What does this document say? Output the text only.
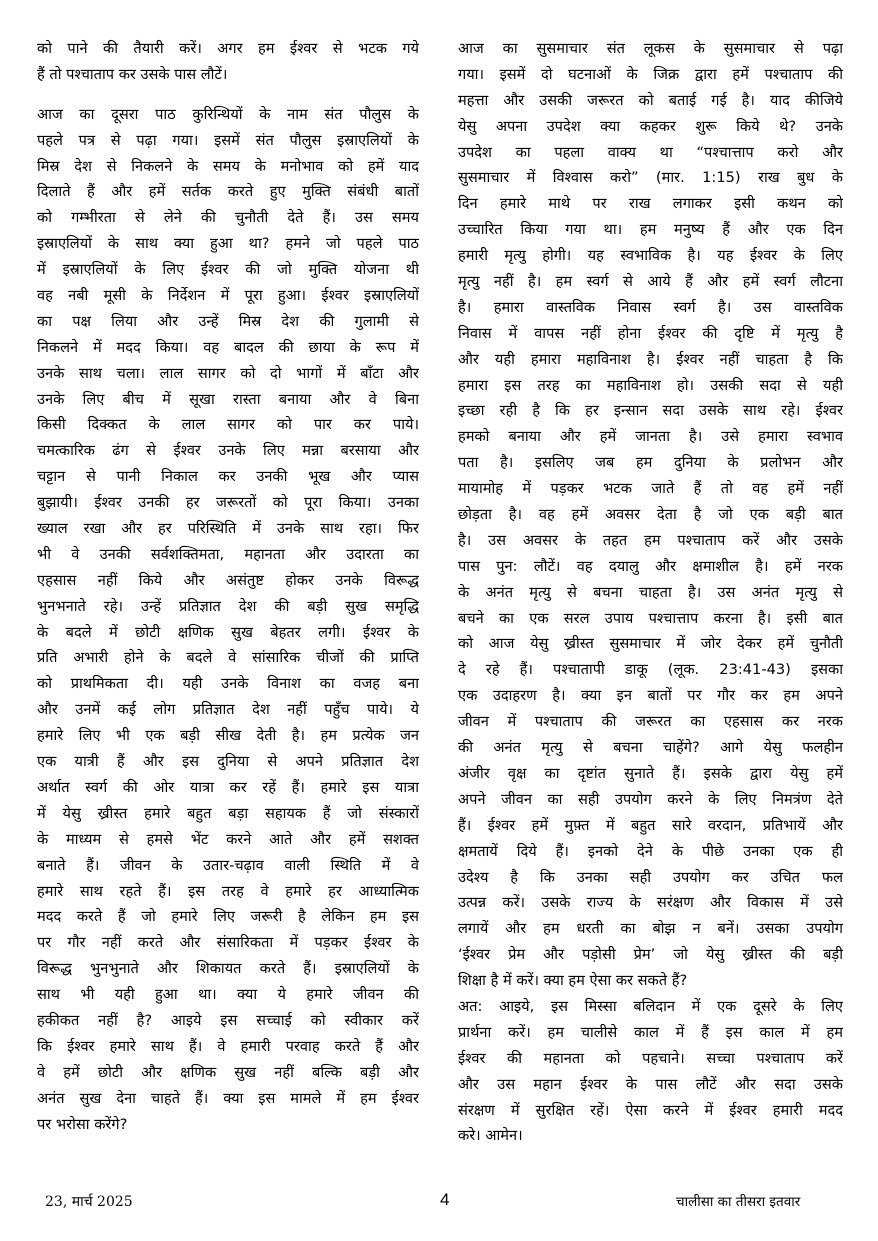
को पाने की तैयारी करें। अगर हम ईश्वर से भटक गये
हैं तो पश्चाताप कर उसके पास लौटें।
आज का दूसरा पाठ कुरिन्थियों के नाम संत पौलुस के
पहले पत्र से पढ़ा गया। इसमें संत पौलुस इस्राएलियों के
मिस्र देश से निकलने के समय के मनोभाव को हमें याद
दिलाते हैं और हमें सर्तक करते हुए मुक्ति संबंधी बातों
को गम्भीरता से लेने की चुनौती देते हैं। उस समय
इस्राएलियों के साथ क्या हुआ था? हमने जो पहले पाठ
में इस्राएलियों के लिए ईश्वर की जो मुक्ति योजना थी
वह नबी मूसी के निर्देशन में पूरा हुआ। ईश्वर इस्राएलियों
का पक्ष लिया और उन्हें मिस्र देश की गुलामी से
निकलने में मदद किया। वह बादल की छाया के रूप में
उनके साथ चला। लाल सागर को दो भागों में बाँटा और
उनके लिए बीच में सूखा रास्ता बनाया और वे बिना
किसी दिक्कत के लाल सागर को पार कर पाये।
चमत्कारिक ढंग से ईश्वर उनके लिए मन्ना बरसाया और
चट्टान से पानी निकाल कर उनकी भूख और प्यास
बुझायी। ईश्वर उनकी हर जरूरतों को पूरा किया। उनका
ख्याल रखा और हर परिस्थिति में उनके साथ रहा। फिर
भी वे उनकी सर्वशक्तिमता, महानता और उदारता का
एहसास नहीं किये और असंतुष्ट होकर उनके विरूद्ध
भुनभनाते रहे। उन्हें प्रतिज्ञात देश की बड़ी सुख समृद्धि
के बदले में छोटी क्षणिक सुख बेहतर लगी। ईश्वर के
प्रति अभारी होने के बदले वे सांसारिक चीजों की प्राप्ति
को प्राथमिकता दी। यही उनके विनाश का वजह बना
और उनमें कई लोग प्रतिज्ञात देश नहीं पहुँच पाये। ये
हमारे लिए भी एक बड़ी सीख देती है। हम प्रत्येक जन
एक यात्री हैं और इस दुनिया से अपने प्रतिज्ञात देश
अर्थात स्वर्ग की ओर यात्रा कर रहें हैं। हमारे इस यात्रा
में येसु ख्रीस्त हमारे बहुत बड़ा सहायक हैं जो संस्कारों
के माध्यम से हमसे भेंट करने आते और हमें सशक्त
बनाते हैं। जीवन के उतार-चढ़ाव वाली स्थिति में वे
हमारे साथ रहते हैं। इस तरह वे हमारे हर आध्यात्मिक
मदद करते हैं जो हमारे लिए जरूरी है लेकिन हम इस
पर गौर नहीं करते और संसारिकता में पड़कर ईश्वर के
विरूद्ध भुनभुनाते और शिकायत करते हैं। इस्राएलियों के
साथ भी यही हुआ था। क्या ये हमारे जीवन की
हकीकत नहीं है? आइये इस सच्चाई को स्वीकार करें
कि ईश्वर हमारे साथ हैं। वे हमारी परवाह करते हैं और
वे हमें छोटी और क्षणिक सुख नहीं बल्कि बड़ी और
अनंत सुख देना चाहते हैं। क्या इस मामले में हम ईश्वर
पर भरोसा करेंगे?
आज का सुसमाचार संत लूकस के सुसमाचार से पढ़ा
गया। इसमें दो घटनाओं के जिक्र द्वारा हमें पश्चाताप की
महत्ता और उसकी जरूरत को बताई गई है। याद कीजिये
येसु अपना उपदेश क्या कहकर शुरू किये थे? उनके
उपदेश का पहला वाक्य था “पश्चात्ताप करो और
सुसमाचार में विश्वास करो” (मार. 1:15) राख बुध के
दिन हमारे माथे पर राख लगाकर इसी कथन को
उच्चारित किया गया था। हम मनुष्य हैं और एक दिन
हमारी मृत्यु होगी। यह स्वभाविक है। यह ईश्वर के लिए
मृत्यु नहीं है। हम स्वर्ग से आये हैं और हमें स्वर्ग लौटना
है। हमारा वास्तविक निवास स्वर्ग है। उस वास्तविक
निवास में वापस नहीं होना ईश्वर की दृष्टि में मृत्यु है
और यही हमारा महाविनाश है। ईश्वर नहीं चाहता है कि
हमारा इस तरह का महाविनाश हो। उसकी सदा से यही
इच्छा रही है कि हर इन्सान सदा उसके साथ रहे। ईश्वर
हमको बनाया और हमें जानता है। उसे हमारा स्वभाव
पता है। इसलिए जब हम दुनिया के प्रलोभन और
मायामोह में पड़कर भटक जाते हैं तो वह हमें नहीं
छोड़ता है। वह हमें अवसर देता है जो एक बड़ी बात
है। उस अवसर के तहत हम पश्चाताप करें और उसके
पास पुन: लौटें। वह दयालु और क्षमाशील है। हमें नरक
के अनंत मृत्यु से बचना चाहता है। उस अनंत मृत्यु से
बचने का एक सरल उपाय पश्चात्ताप करना है। इसी बात
को आज येसु ख्रीस्त सुसमाचार में जोर देकर हमें चुनौती
दे रहे हैं। पश्चातापी डाकू (लूक. 23:41-43) इसका
एक उदाहरण है। क्या इन बातों पर गौर कर हम अपने
जीवन में पश्चाताप की जरूरत का एहसास कर नरक
की अनंत मृत्यु से बचना चाहेंगे? आगे येसु फलहीन
अंजीर वृक्ष का दृष्टांत सुनाते हैं। इसके द्वारा येसु हमें
अपने जीवन का सही उपयोग करने के लिए निमत्रंण देते
हैं। ईश्वर हमें मुफ़्त में बहुत सारे वरदान, प्रतिभायें और
क्षमतायें दिये हैं। इनको देने के पीछे उनका एक ही
उदेश्य है कि उनका सही उपयोग कर उचित फल
उत्पन्न करें। उसके राज्य के सरंक्षण और विकास में उसे
लगायें और हम धरती का बोझ न बनें। उसका उपयोग
‘ईश्वर प्रेम और पड़ोसी प्रेम’ जो येसु ख्रीस्त की बड़ी
शिक्षा है में करें। क्या हम ऐसा कर सकते हैं?
अत: आइये, इस मिस्सा बलिदान में एक दूसरे के लिए
प्रार्थना करें। हम चालीसे काल में हैं इस काल में हम
ईश्वर की महानता को पहचाने। सच्चा पश्चाताप करें
और उस महान ईश्वर के पास लौटें और सदा उसके
संरक्षण में सुरक्षित रहें। ऐसा करने में ईश्वर हमारी मदद
करे। आमेन।
23, मार्च 2025	4	चालीसा का तीसरा इतवार
